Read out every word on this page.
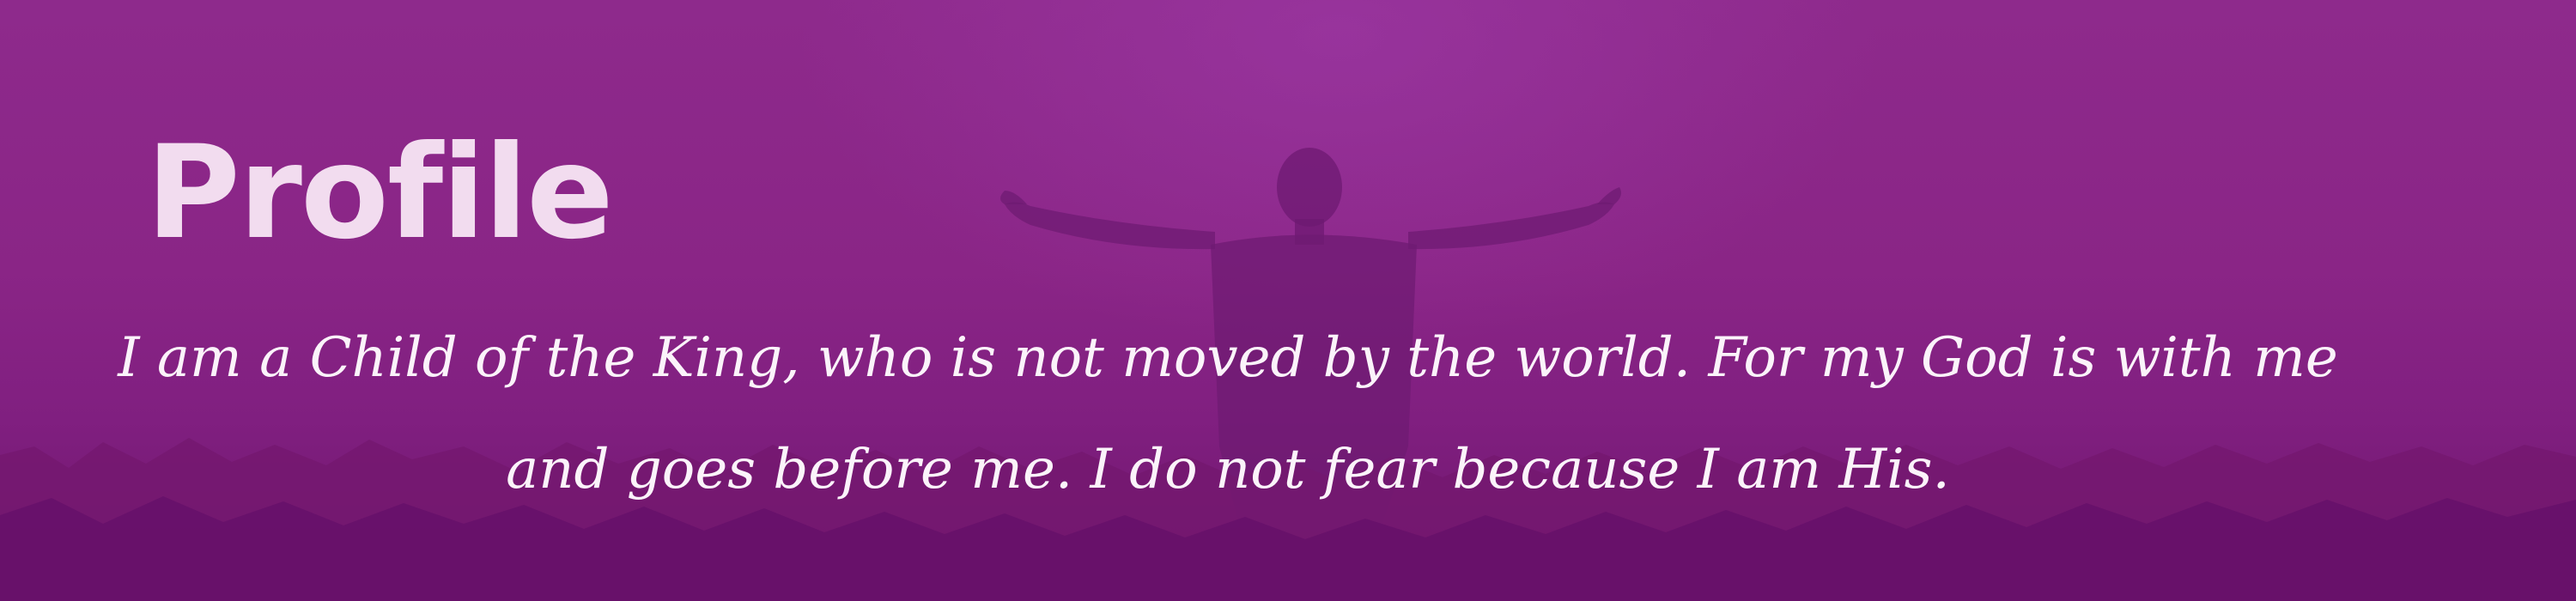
Profile

I am a Child of the King, who is not moved by the world. For my God is with me and goes before me. I do not fear because I am His.
